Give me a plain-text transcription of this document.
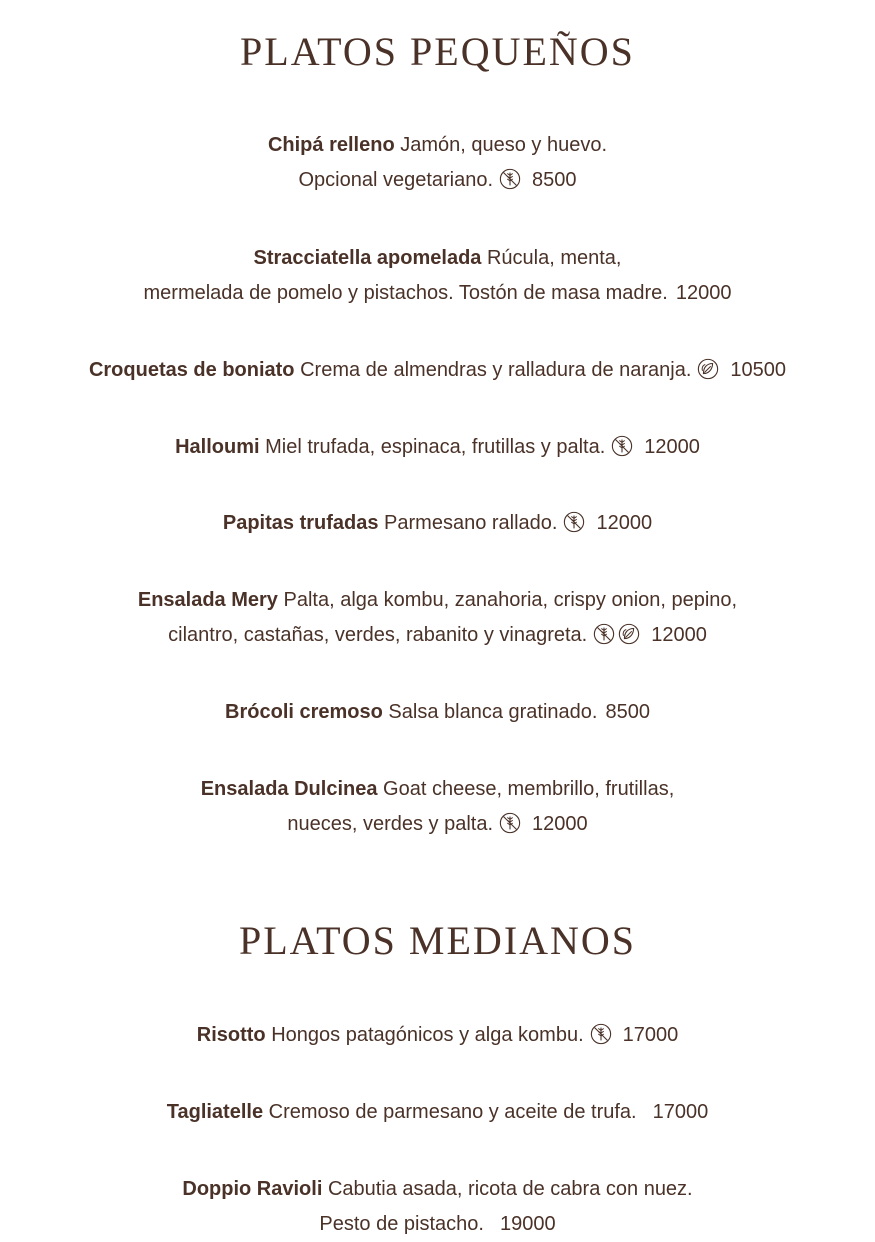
PLATOS PEQUEÑOS
Chipá relleno Jamón, queso y huevo.
Opcional vegetariano. 8500
Stracciatella apomelada Rúcula, menta,
mermelada de pomelo y pistachos. Tostón de masa madre. 12000
Croquetas de boniato Crema de almendras y ralladura de naranja. 10500
Halloumi Miel trufada, espinaca, frutillas y palta. 12000
Papitas trufadas Parmesano rallado. 12000
Ensalada Mery Palta, alga kombu, zanahoria, crispy onion, pepino,
cilantro, castañas, verdes, rabanito y vinagreta.	12000
Brócoli cremoso Salsa blanca gratinado. 8500
Ensalada Dulcinea Goat cheese, membrillo, frutillas,
nueces, verdes y palta. 12000
PLATOS MEDIANOS
Risotto Hongos patagónicos y alga kombu. 17000
Tagliatelle Cremoso de parmesano y aceite de trufa. 17000
Doppio Ravioli Cabutia asada, ricota de cabra con nuez.
Pesto de pistacho. 19000
